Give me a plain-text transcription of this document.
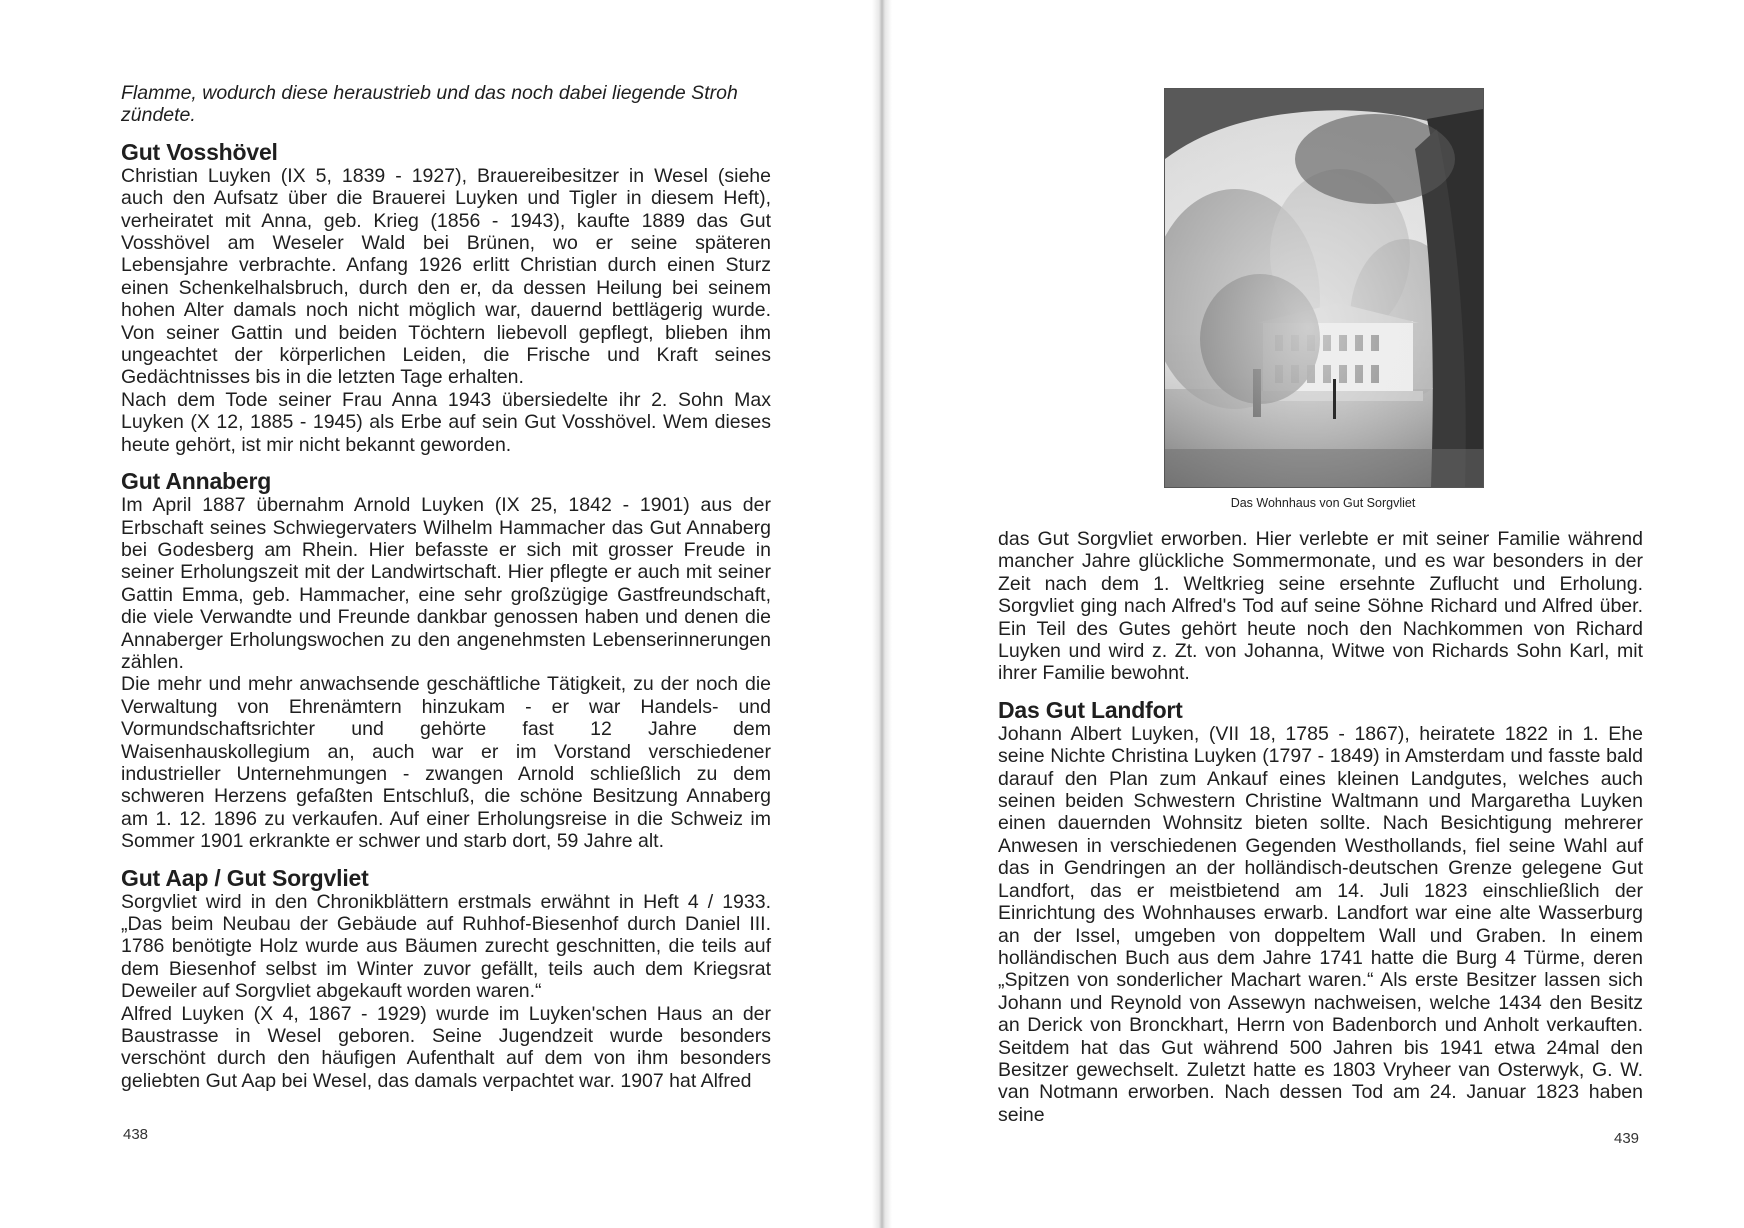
Flamme, wodurch diese heraustrieb und das noch dabei liegende Stroh zündete.

Gut Vosshövel

Christian Luyken (IX 5, 1839 - 1927), Brauereibesitzer in Wesel (siehe auch den Aufsatz über die Brauerei Luyken und Tigler in diesem Heft), verheiratet mit Anna, geb. Krieg (1856 - 1943), kaufte 1889 das Gut Vosshövel am Weseler Wald bei Brünen, wo er seine späteren Lebensjahre verbrachte. Anfang 1926 erlitt Christian durch einen Sturz einen Schenkelhalsbruch, durch den er, da dessen Heilung bei seinem hohen Alter damals noch nicht möglich war, dauernd bettlägerig wurde. Von seiner Gattin und beiden Töchtern liebevoll gepflegt, blieben ihm ungeachtet der körperlichen Leiden, die Frische und Kraft seines Gedächtnisses bis in die letzten Tage erhalten.

Nach dem Tode seiner Frau Anna 1943 übersiedelte ihr 2. Sohn Max Luyken (X 12, 1885 - 1945) als Erbe auf sein Gut Vosshövel. Wem dieses heute gehört, ist mir nicht bekannt geworden.

Gut Annaberg

Im April 1887 übernahm Arnold Luyken (IX 25, 1842 - 1901) aus der Erbschaft seines Schwiegervaters Wilhelm Hammacher das Gut Annaberg bei Godesberg am Rhein. Hier befasste er sich mit grosser Freude in seiner Erholungszeit mit der Landwirtschaft. Hier pflegte er auch mit seiner Gattin Emma, geb. Hammacher, eine sehr großzügige Gastfreundschaft, die viele Verwandte und Freunde dankbar genossen haben und denen die Annaberger Erholungswochen zu den angenehmsten Lebenserinnerungen zählen.

Die mehr und mehr anwachsende geschäftliche Tätigkeit, zu der noch die Verwaltung von Ehrenämtern hinzukam - er war Handels- und Vormundschaftsrichter und gehörte fast 12 Jahre dem Waisenhauskollegium an, auch war er im Vorstand verschiedener industrieller Unternehmungen - zwangen Arnold schließlich zu dem schweren Herzens gefaßten Entschluß, die schöne Besitzung Annaberg am 1. 12. 1896 zu verkaufen. Auf einer Erholungsreise in die Schweiz im Sommer 1901 erkrankte er schwer und starb dort, 59 Jahre alt.

Gut Aap / Gut Sorgvliet

Sorgvliet wird in den Chronikblättern erstmals erwähnt in Heft 4 / 1933. „Das beim Neubau der Gebäude auf Ruhhof-Biesenhof durch Daniel III. 1786 benötigte Holz wurde aus Bäumen zurecht geschnitten, die teils auf dem Biesenhof selbst im Winter zuvor gefällt, teils auch dem Kriegsrat Deweiler auf Sorgvliet abgekauft worden waren.“

Alfred Luyken (X 4, 1867 - 1929) wurde im Luyken'schen Haus an der Baustrasse in Wesel geboren. Seine Jugendzeit wurde besonders verschönt durch den häufigen Aufenthalt auf dem von ihm besonders geliebten Gut Aap bei Wesel, das damals verpachtet war. 1907 hat Alfred

438
Das Wohnhaus von Gut Sorgvliet

das Gut Sorgvliet erworben. Hier verlebte er mit seiner Familie während mancher Jahre glückliche Sommermonate, und es war besonders in der Zeit nach dem 1. Weltkrieg seine ersehnte Zuflucht und Erholung. Sorgvliet ging nach Alfred's Tod auf seine Söhne Richard und Alfred über. Ein Teil des Gutes gehört heute noch den Nachkommen von Richard Luyken und wird z. Zt. von Johanna, Witwe von Richards Sohn Karl, mit ihrer Familie bewohnt.

Das Gut Landfort

Johann Albert Luyken, (VII 18, 1785 - 1867), heiratete 1822 in 1. Ehe seine Nichte Christina Luyken (1797 - 1849) in Amsterdam und fasste bald darauf den Plan zum Ankauf eines kleinen Landgutes, welches auch seinen beiden Schwestern Christine Waltmann und Margaretha Luyken einen dauernden Wohnsitz bieten sollte. Nach Besichtigung mehrerer Anwesen in verschiedenen Gegenden Westhollands, fiel seine Wahl auf das in Gendringen an der holländisch-deutschen Grenze gelegene Gut Landfort, das er meistbietend am 14. Juli 1823 einschließlich der Einrichtung des Wohnhauses erwarb. Landfort war eine alte Wasserburg an der Issel, umgeben von doppeltem Wall und Graben. In einem holländischen Buch aus dem Jahre 1741 hatte die Burg 4 Türme, deren „Spitzen von sonderlicher Machart waren.“ Als erste Besitzer lassen sich Johann und Reynold von Assewyn nachweisen, welche 1434 den Besitz an Derick von Bronckhart, Herrn von Badenborch und Anholt verkauften. Seitdem hat das Gut während 500 Jahren bis 1941 etwa 24mal den Besitzer gewechselt. Zuletzt hatte es 1803 Vryheer van Osterwyk, G. W. van Notmann erworben. Nach dessen Tod am 24. Januar 1823 haben seine

439
